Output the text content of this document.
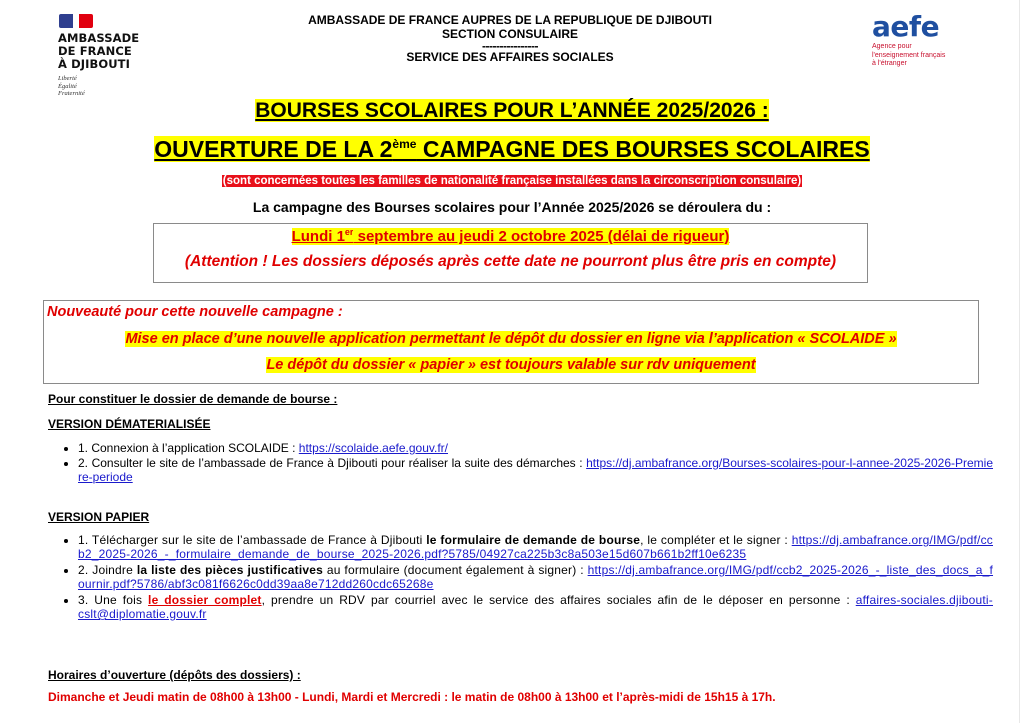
AMBASSADE
DE FRANCE
À DJIBOUTI
Liberté
Égalité
Fraternité
AMBASSADE DE FRANCE AUPRES DE LA REPUBLIQUE DE DJIBOUTI
SECTION CONSULAIRE
----------------
SERVICE DES AFFAIRES SOCIALES
aefe
Agence pour
l'enseignement français
à l'étranger
BOURSES SCOLAIRES POUR L’ANNÉE 2025/2026 :
OUVERTURE DE LA 2ème CAMPAGNE DES BOURSES SCOLAIRES
(sont concernées toutes les familles de nationalité française installées dans la circonscription consulaire)
La campagne des Bourses scolaires pour l’Année 2025/2026 se déroulera du :
Lundi 1er septembre au jeudi 2 octobre 2025 (délai de rigueur)
(Attention ! Les dossiers déposés après cette date ne pourront plus être pris en compte)
Nouveauté pour cette nouvelle campagne :
Mise en place d’une nouvelle application permettant le dépôt du dossier en ligne via l’application « SCOLAIDE »
Le dépôt du dossier « papier » est toujours valable sur rdv uniquement
Pour constituer le dossier de demande de bourse :
VERSION DÉMATERIALISÉE
• 1. Connexion à l’application SCOLAIDE : https://scolaide.aefe.gouv.fr/
• 2. Consulter le site de l’ambassade de France à Djibouti pour réaliser la suite des démarches : https://dj.ambafrance.org/Bourses-scolaires-pour-l-annee-2025-2026-Premiere-periode
VERSION PAPIER
• 1. Télécharger sur le site de l’ambassade de France à Djibouti le formulaire de demande de bourse, le compléter et le signer : https://dj.ambafrance.org/IMG/pdf/ccb2_2025-2026_-_formulaire_demande_de_bourse_2025-2026.pdf?5785/04927ca225b3c8a503e15d607b661b2ff10e6235
• 2. Joindre la liste des pièces justificatives au formulaire (document également à signer) : https://dj.ambafrance.org/IMG/pdf/ccb2_2025-2026_-_liste_des_docs_a_fournir.pdf?5786/abf3c081f6626c0dd39aa8e712dd260cdc65268e
• 3. Une fois le dossier complet, prendre un RDV par courriel avec le service des affaires sociales afin de le déposer en personne : affaires-sociales.djibouti-cslt@diplomatie.gouv.fr
Horaires d’ouverture (dépôts des dossiers) :
Dimanche et Jeudi matin de 08h00 à 13h00 - Lundi, Mardi et Mercredi : le matin de 08h00 à 13h00 et l’après-midi de 15h15 à 17h.
